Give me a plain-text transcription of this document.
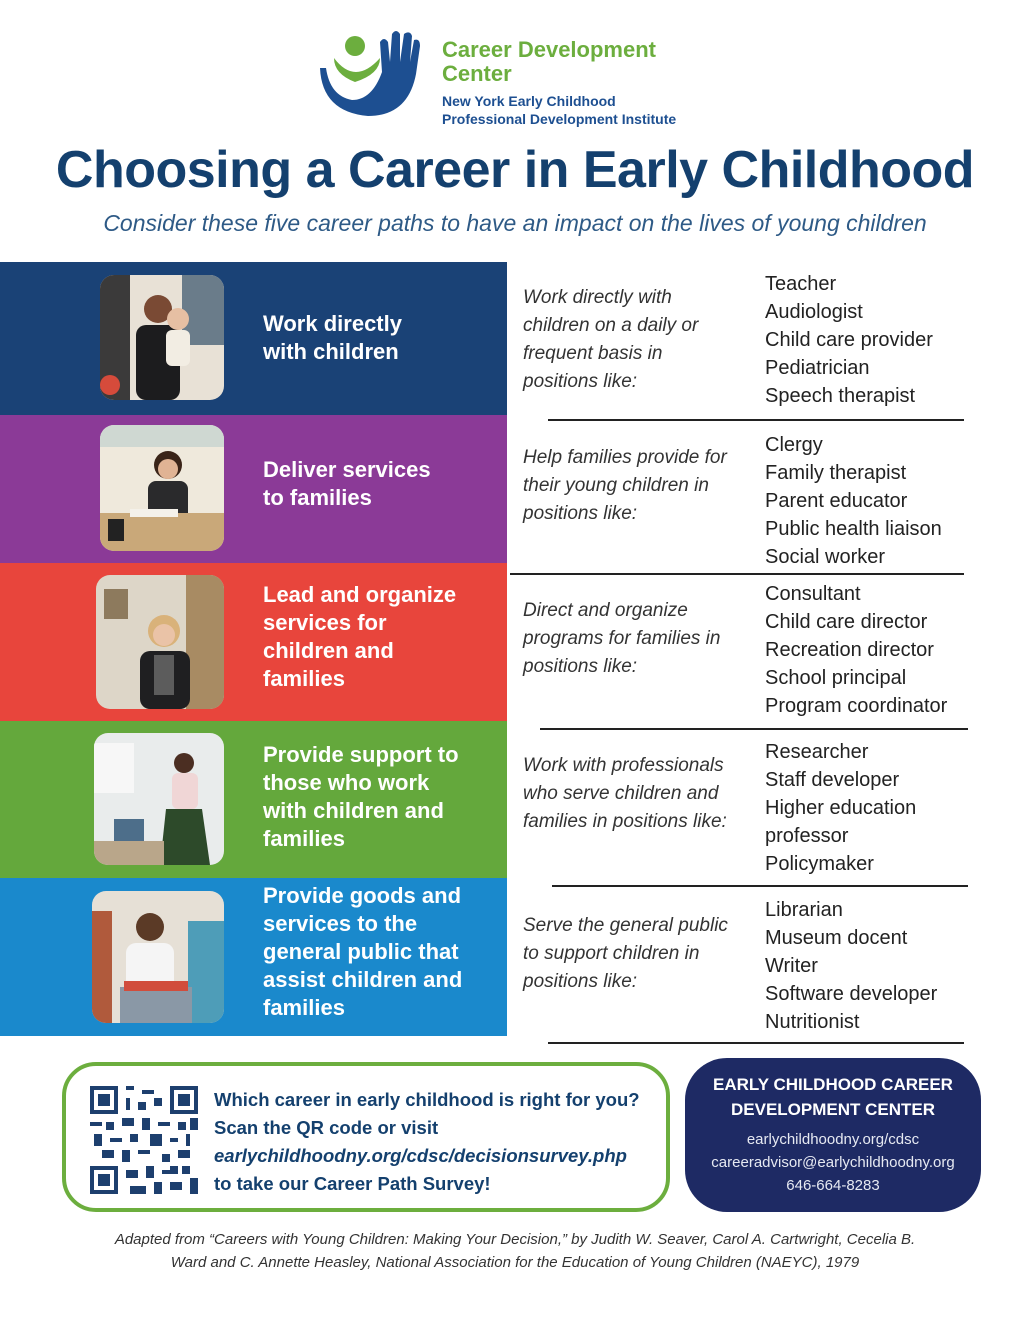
Career Development
Center
New York Early Childhood
Professional Development Institute
Choosing a Career in Early Childhood
Consider these five career paths to have an impact on the lives of young children
Work directly
with children
Deliver services
to families
Lead and organize
services for
children and
families
Provide support to
those who work
with children and
families
Provide goods and
services to the
general public that
assist children and
families
Work directly with
children on a daily or
frequent basis in
positions like:
Teacher
Audiologist
Child care provider
Pediatrician
Speech therapist
Help families provide for
their young children in
positions like:
Clergy
Family therapist
Parent educator
Public health liaison
Social worker
Direct and organize
programs for families in
positions like:
Consultant
Child care director
Recreation director
School principal
Program coordinator
Work with professionals
who serve children and
families in positions like:
Researcher
Staff developer
Higher education
professor
Policymaker
Serve the general public
to support children in
positions like:
Librarian
Museum docent
Writer
Software developer
Nutritionist
Which career in early childhood is right for you?
Scan the QR code or visit
earlychildhoodny.org/cdsc/decisionsurvey.php
to take our Career Path Survey!
EARLY CHILDHOOD CAREER
DEVELOPMENT CENTER
earlychildhoodny.org/cdsc
careeradvisor@earlychildhoodny.org
646-664-8283
Adapted from “Careers with Young Children: Making Your Decision,” by Judith W. Seaver, Carol A. Cartwright, Cecelia B.
Ward and C. Annette Heasley, National Association for the Education of Young Children (NAEYC), 1979
